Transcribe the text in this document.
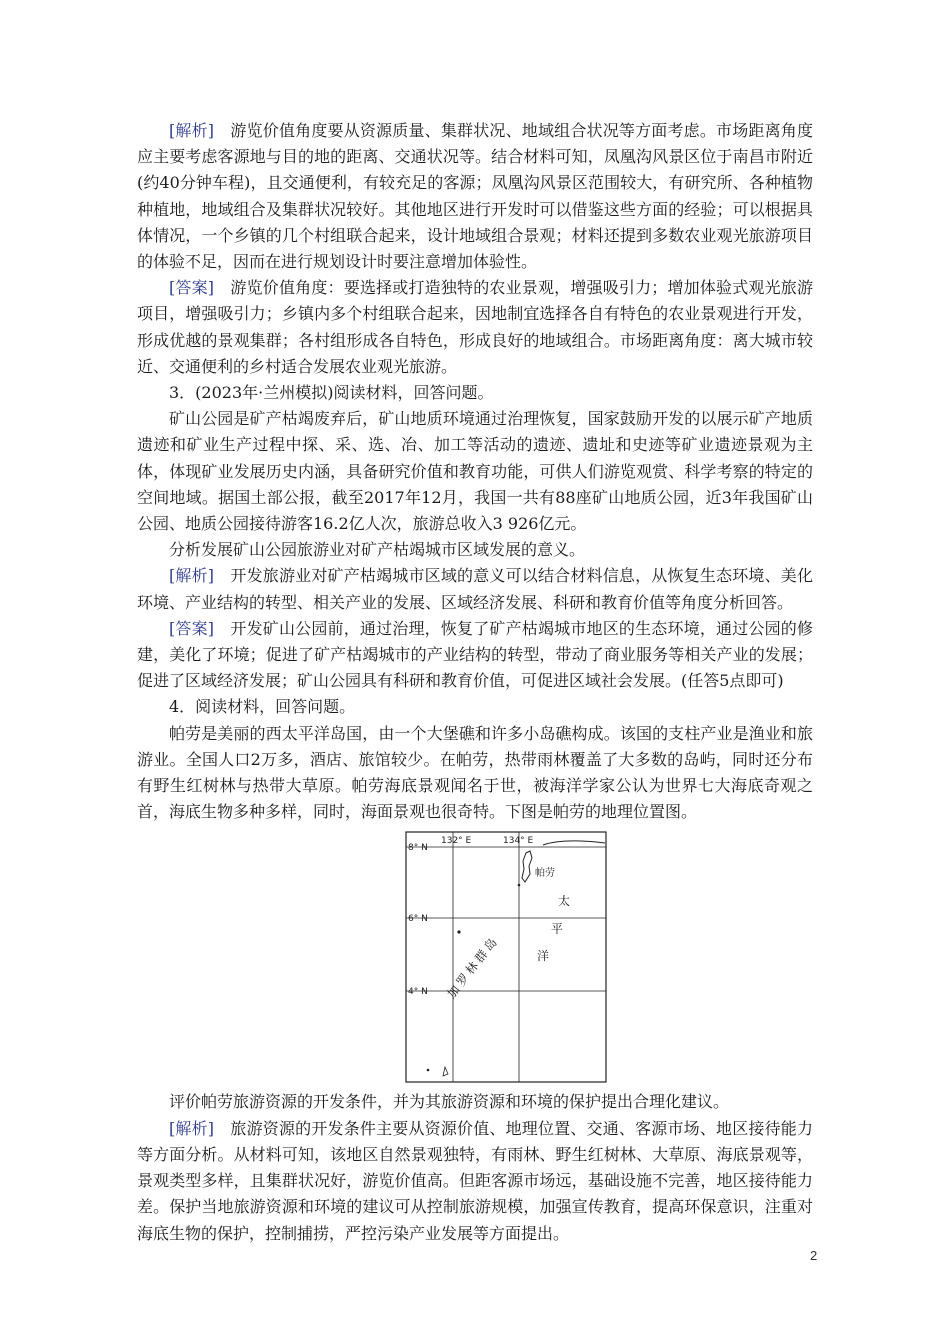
[解析]　 游览价值角度要从资源质量、集群状况、地域组合状况等方面考虑。市场距离角度应主要考虑客源地与目的地的距离、交通状况等。结合材料可知，凤凰沟风景区位于南昌市附近(约40分钟车程)，且交通便利，有较充足的客源；凤凰沟风景区范围较大，有研究所、各种植物种植地，地域组合及集群状况较好。其他地区进行开发时可以借鉴这些方面的经验；可以根据具体情况，一个乡镇的几个村组联合起来，设计地域组合景观；材料还提到多数农业观光旅游项目的体验不足，因而在进行规划设计时要注意增加体验性。

[答案]　 游览价值角度：要选择或打造独特的农业景观，增强吸引力；增加体验式观光旅游项目，增强吸引力；乡镇内多个村组联合起来，因地制宜选择各自有特色的农业景观进行开发，形成优越的景观集群；各村组形成各自特色，形成良好的地域组合。市场距离角度：离大城市较近、交通便利的乡村适合发展农业观光旅游。

3．(2023年·兰州模拟)阅读材料，回答问题。

矿山公园是矿产枯竭废弃后，矿山地质环境通过治理恢复，国家鼓励开发的以展示矿产地质遗迹和矿业生产过程中探、采、选、冶、加工等活动的遗迹、遗址和史迹等矿业遗迹景观为主体，体现矿业发展历史内涵，具备研究价值和教育功能，可供人们游览观赏、科学考察的特定的空间地域。据国土部公报，截至2017年12月，我国一共有88座矿山地质公园，近3年我国矿山公园、地质公园接待游客16.2亿人次，旅游总收入3 926亿元。

分析发展矿山公园旅游业对矿产枯竭城市区域发展的意义。

[解析]　 开发旅游业对矿产枯竭城市区域的意义可以结合材料信息，从恢复生态环境、美化环境、产业结构的转型、相关产业的发展、区域经济发展、科研和教育价值等角度分析回答。

[答案]　 开发矿山公园前，通过治理，恢复了矿产枯竭城市地区的生态环境，通过公园的修建，美化了环境；促进了矿产枯竭城市的产业结构的转型，带动了商业服务等相关产业的发展；促进了区域经济发展；矿山公园具有科研和教育价值，可促进区域社会发展。(任答5点即可)

4．阅读材料，回答问题。

帕劳是美丽的西太平洋岛国，由一个大堡礁和许多小岛礁构成。该国的支柱产业是渔业和旅游业。全国人口2万多，酒店、旅馆较少。在帕劳，热带雨林覆盖了大多数的岛屿，同时还分布有野生红树林与热带大草原。帕劳海底景观闻名于世，被海洋学家公认为世界七大海底奇观之首，海底生物多种多样，同时，海面景观也很奇特。下图是帕劳的地理位置图。

8° N
6° N
4° N
132° E	134° E
帕劳
加罗林群岛
太
平
洋

评价帕劳旅游资源的开发条件，并为其旅游资源和环境的保护提出合理化建议。

[解析]　 旅游资源的开发条件主要从资源价值、地理位置、交通、客源市场、地区接待能力等方面分析。从材料可知，该地区自然景观独特，有雨林、野生红树林、大草原、海底景观等，景观类型多样，且集群状况好，游览价值高。但距客源市场远，基础设施不完善，地区接待能力差。保护当地旅游资源和环境的建议可从控制旅游规模，加强宣传教育，提高环保意识，注重对海底生物的保护，控制捕捞，严控污染产业发展等方面提出。

2
